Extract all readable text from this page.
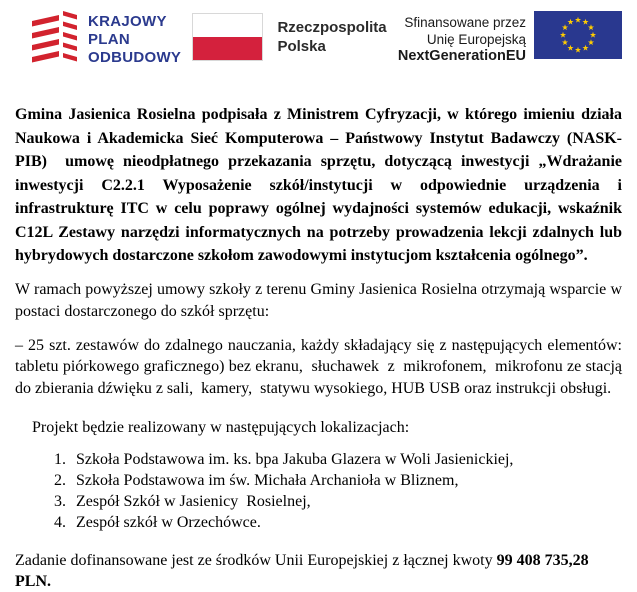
KRAJOWY
PLAN
ODBUDOWY
Rzeczpospolita
Polska
Sfinansowane przez
Unię Europejską
NextGenerationEU

Gmina Jasienica Rosielna podpisała z Ministrem Cyfryzacji, w którego imieniu działa Naukowa i Akademicka Sieć Komputerowa – Państwowy Instytut Badawczy (NASK-PIB)  umowę nieodpłatnego przekazania sprzętu, dotyczącą inwestycji „Wdrażanie inwestycji C2.2.1 Wyposażenie szkół/instytucji w odpowiednie urządzenia i infrastrukturę ITC w celu poprawy ogólnej wydajności systemów edukacji, wskaźnik C12L Zestawy narzędzi informatycznych na potrzeby prowadzenia lekcji zdalnych lub hybrydowych dostarczone szkołom zawodowymi instytucjom kształcenia ogólnego”.

W ramach powyższej umowy szkoły z terenu Gminy Jasienica Rosielna otrzymają wsparcie w postaci dostarczonego do szkół sprzętu:

– 25 szt. zestawów do zdalnego nauczania, każdy składający się z następujących elementów: tabletu piórkowego graficznego) bez ekranu,  słuchawek  z  mikrofonem,  mikrofonu ze stacją do zbierania dźwięku z sali,  kamery,  statywu wysokiego, HUB USB oraz instrukcji obsługi.

Projekt będzie realizowany w następujących lokalizacjach:

1. Szkoła Podstawowa im. ks. bpa Jakuba Glazera w Woli Jasienickiej,
2. Szkoła Podstawowa im św. Michała Archanioła w Bliznem,
3. Zespół Szkół w Jasienicy  Rosielnej,
4. Zespół szkół w Orzechówce.

Zadanie dofinansowane jest ze środków Unii Europejskiej z łącznej kwoty 99 408 735,28 PLN.
